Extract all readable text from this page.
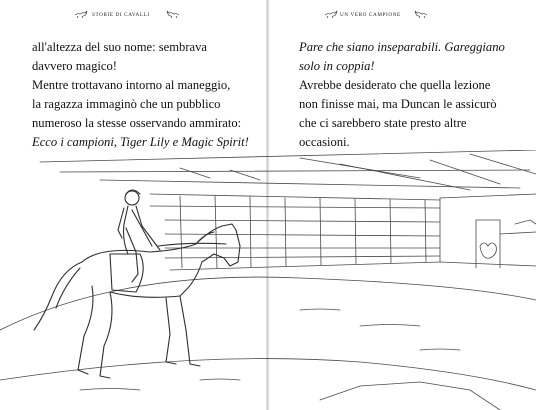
STORIE DI CAVALLI
all'altezza del suo nome: sembrava
davvero magico!
Mentre trottavano intorno al maneggio,
la ragazza immaginò che un pubblico
numeroso la stesse osservando ammirato:
Ecco i campioni, Tiger Lily e Magic Spirit!
UN VERO CAMPIONE
Pare che siano inseparabili. Gareggiano
solo in coppia!
Avrebbe desiderato che quella lezione
non finisse mai, ma Duncan le assicurò
che ci sarebbero state presto altre
occasioni.
